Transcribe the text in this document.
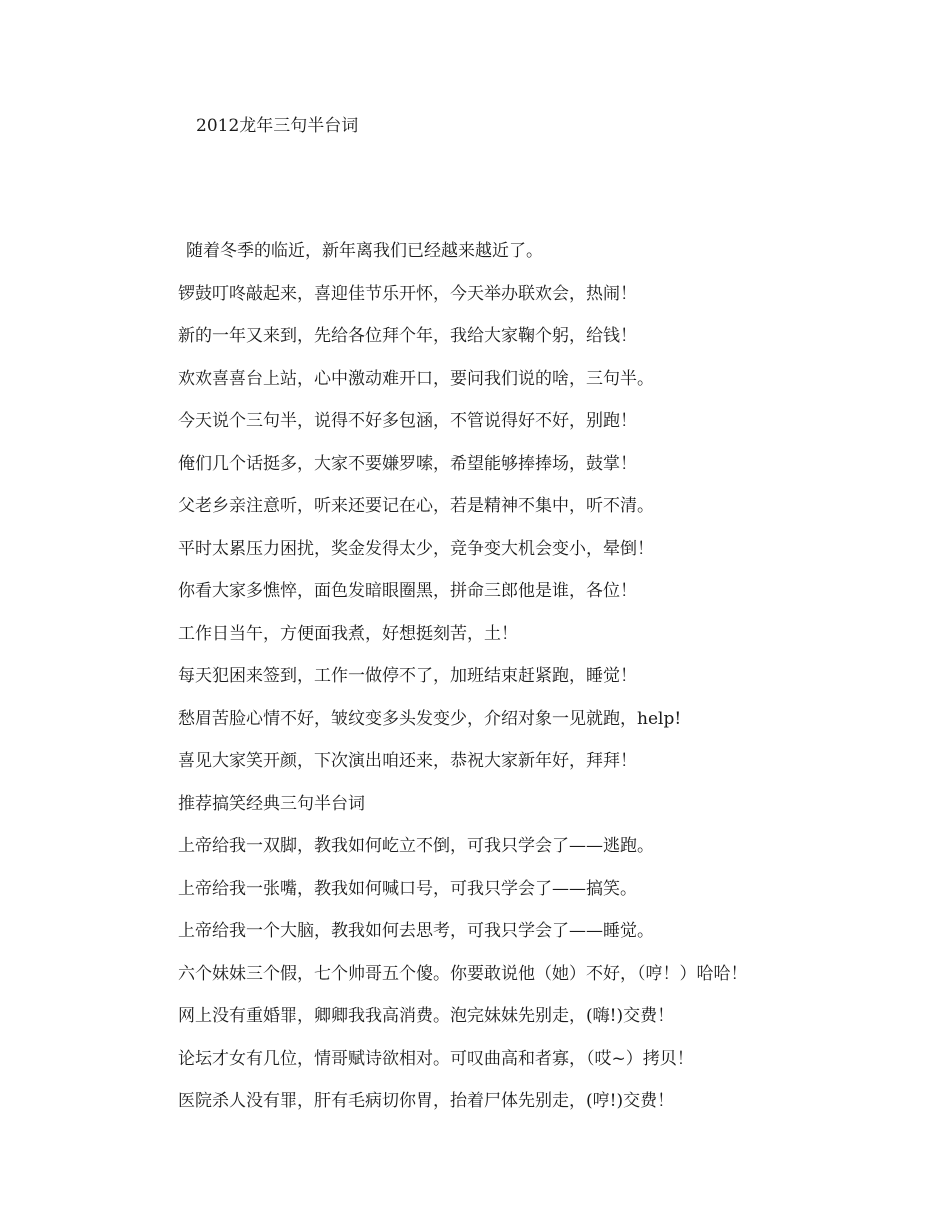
2012龙年三句半台词
随着冬季的临近，新年离我们已经越来越近了。
锣鼓叮咚敲起来，喜迎佳节乐开怀，今天举办联欢会，热闹！
新的一年又来到，先给各位拜个年，我给大家鞠个躬，给钱！
欢欢喜喜台上站，心中激动难开口，要问我们说的啥，三句半。
今天说个三句半，说得不好多包涵，不管说得好不好，别跑！
俺们几个话挺多，大家不要嫌罗嗦，希望能够捧捧场，鼓掌！
父老乡亲注意听，听来还要记在心，若是精神不集中，听不清。
平时太累压力困扰，奖金发得太少，竞争变大机会变小，晕倒！
你看大家多憔悴，面色发暗眼圈黑，拼命三郎他是谁，各位！
工作日当午，方便面我煮，好想挺刻苦，土！
每天犯困来签到，工作一做停不了，加班结束赶紧跑，睡觉！
愁眉苦脸心情不好，皱纹变多头发变少，介绍对象一见就跑，help!
喜见大家笑开颜，下次演出咱还来，恭祝大家新年好，拜拜！
推荐搞笑经典三句半台词
上帝给我一双脚，教我如何屹立不倒，可我只学会了——逃跑。
上帝给我一张嘴，教我如何喊口号，可我只学会了——搞笑。
上帝给我一个大脑，教我如何去思考，可我只学会了——睡觉。
六个妹妹三个假，七个帅哥五个傻。你要敢说他（她）不好，（哼！）哈哈！
网上没有重婚罪，卿卿我我高消费。泡完妹妹先别走，(嗨!)交费！
论坛才女有几位，情哥赋诗欲相对。可叹曲高和者寡，（哎~）拷贝！
医院杀人没有罪，肝有毛病切你胃，抬着尸体先别走，(哼!)交费！
